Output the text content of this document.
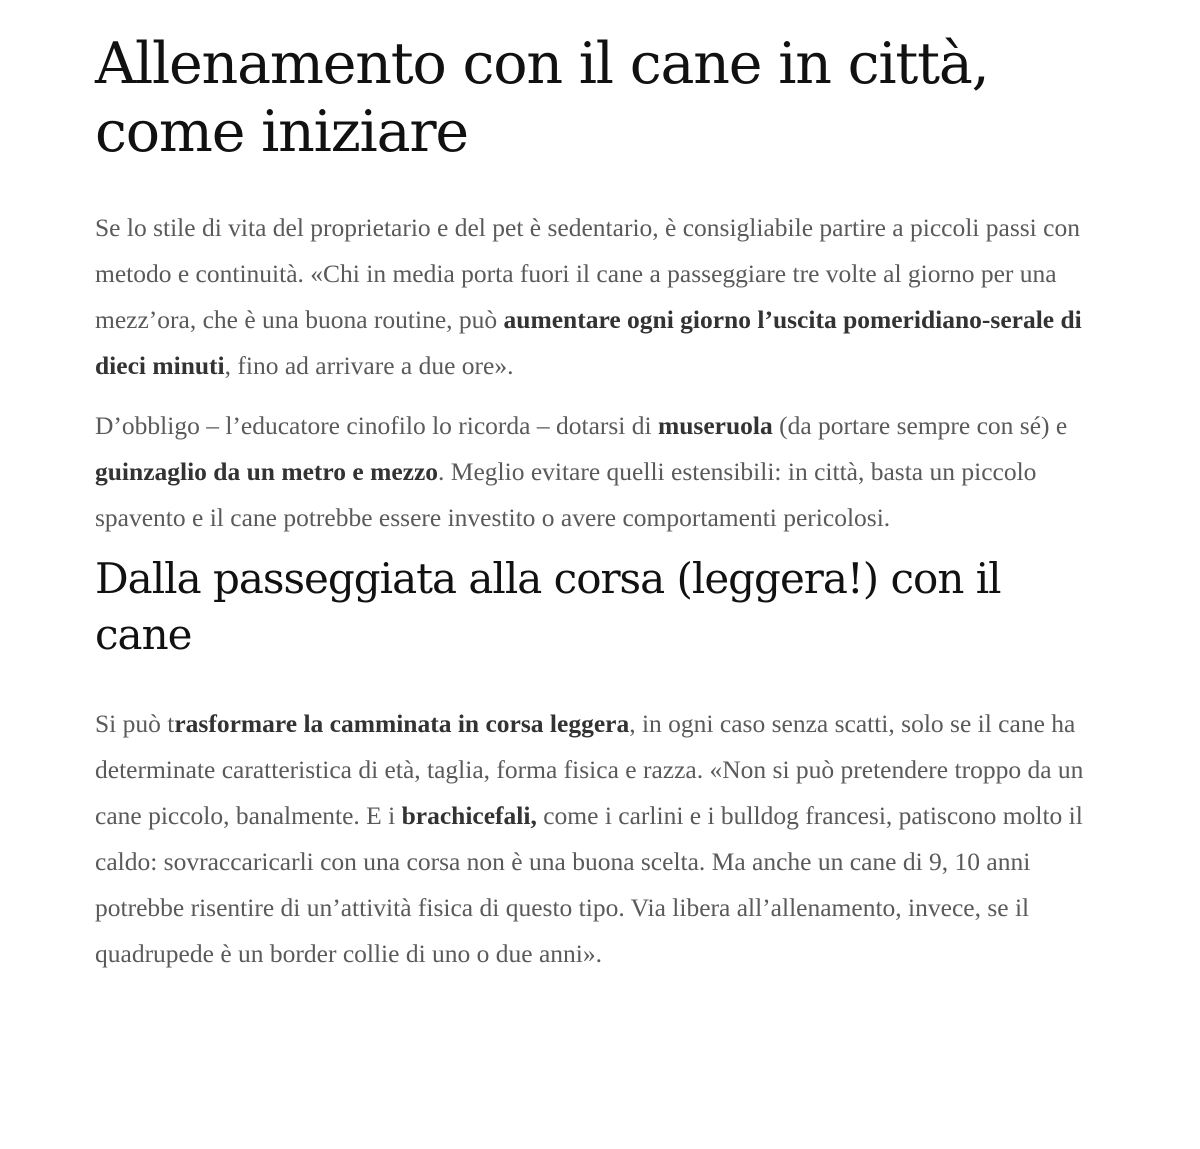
Allenamento con il cane in città, come iniziare

Se lo stile di vita del proprietario e del pet è sedentario, è consigliabile partire a piccoli passi con metodo e continuità. «Chi in media porta fuori il cane a passeggiare tre volte al giorno per una mezz’ora, che è una buona routine, può aumentare ogni giorno l’uscita pomeridiano-serale di dieci minuti, fino ad arrivare a due ore».

D’obbligo – l’educatore cinofilo lo ricorda – dotarsi di museruola (da portare sempre con sé) e guinzaglio da un metro e mezzo. Meglio evitare quelli estensibili: in città, basta un piccolo spavento e il cane potrebbe essere investito o avere comportamenti pericolosi.

Dalla passeggiata alla corsa (leggera!) con il cane

Si può trasformare la camminata in corsa leggera, in ogni caso senza scatti, solo se il cane ha determinate caratteristica di età, taglia, forma fisica e razza. «Non si può pretendere troppo da un cane piccolo, banalmente. E i brachicefali, come i carlini e i bulldog francesi, patiscono molto il caldo: sovraccaricarli con una corsa non è una buona scelta. Ma anche un cane di 9, 10 anni potrebbe risentire di un’attività fisica di questo tipo. Via libera all’allenamento, invece, se il quadrupede è un border collie di uno o due anni».
